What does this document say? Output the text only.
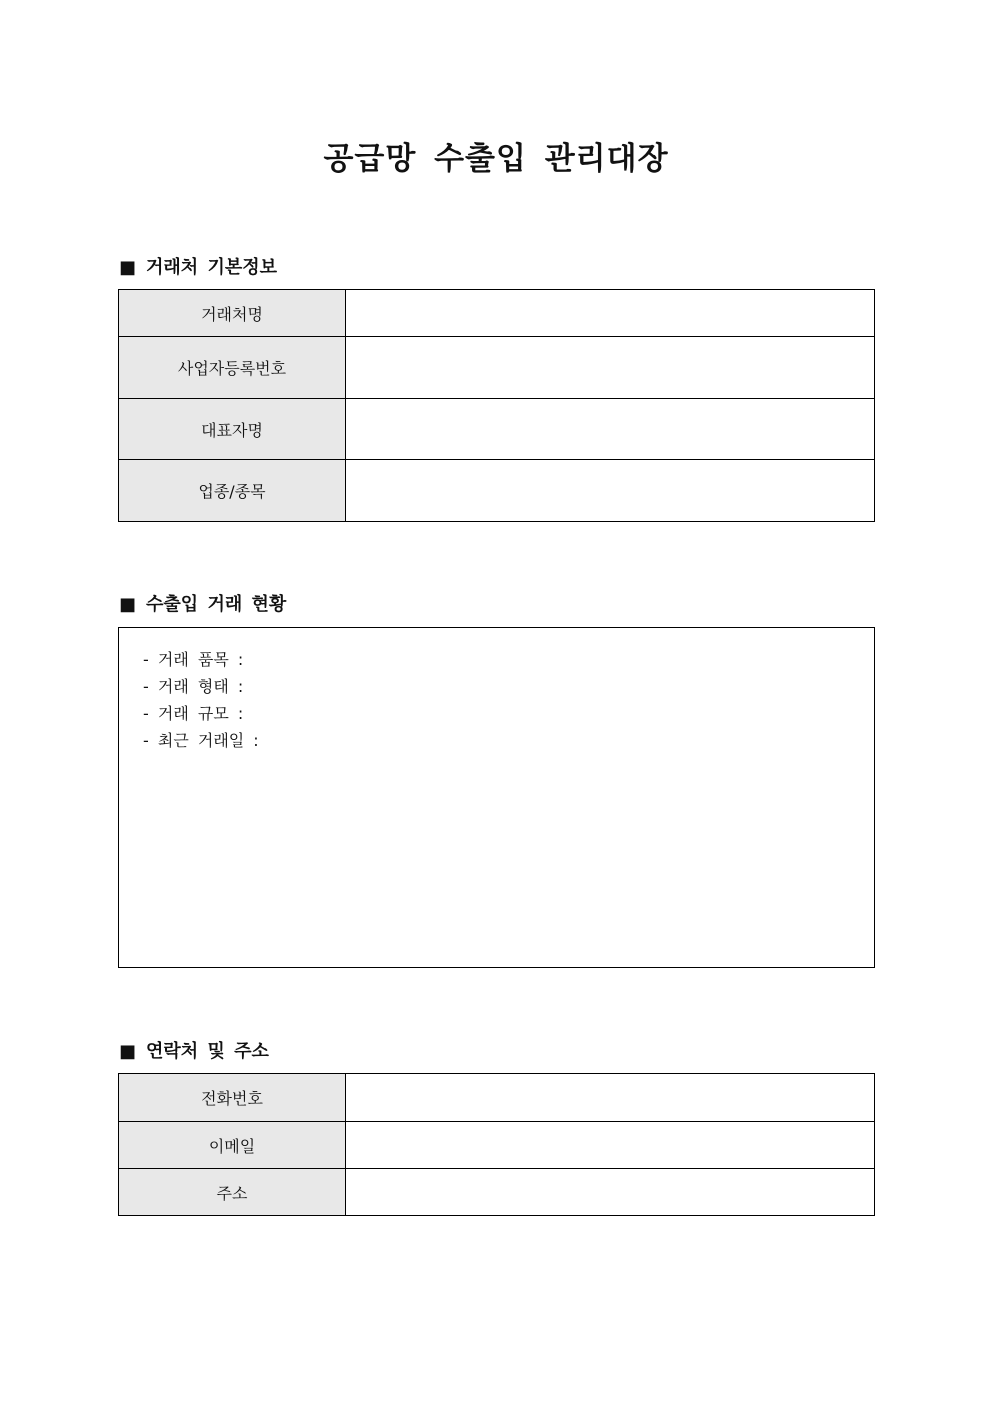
공급망 수출입 관리대장
■ 거래처 기본정보
거래처명	
사업자등록번호	
대표자명	
업종/종목	
■ 수출입 거래 현황
- 거래 품목 :
- 거래 형태 :
- 거래 규모 :
- 최근 거래일 :
■ 연락처 및 주소
전화번호	
이메일	
주소	
